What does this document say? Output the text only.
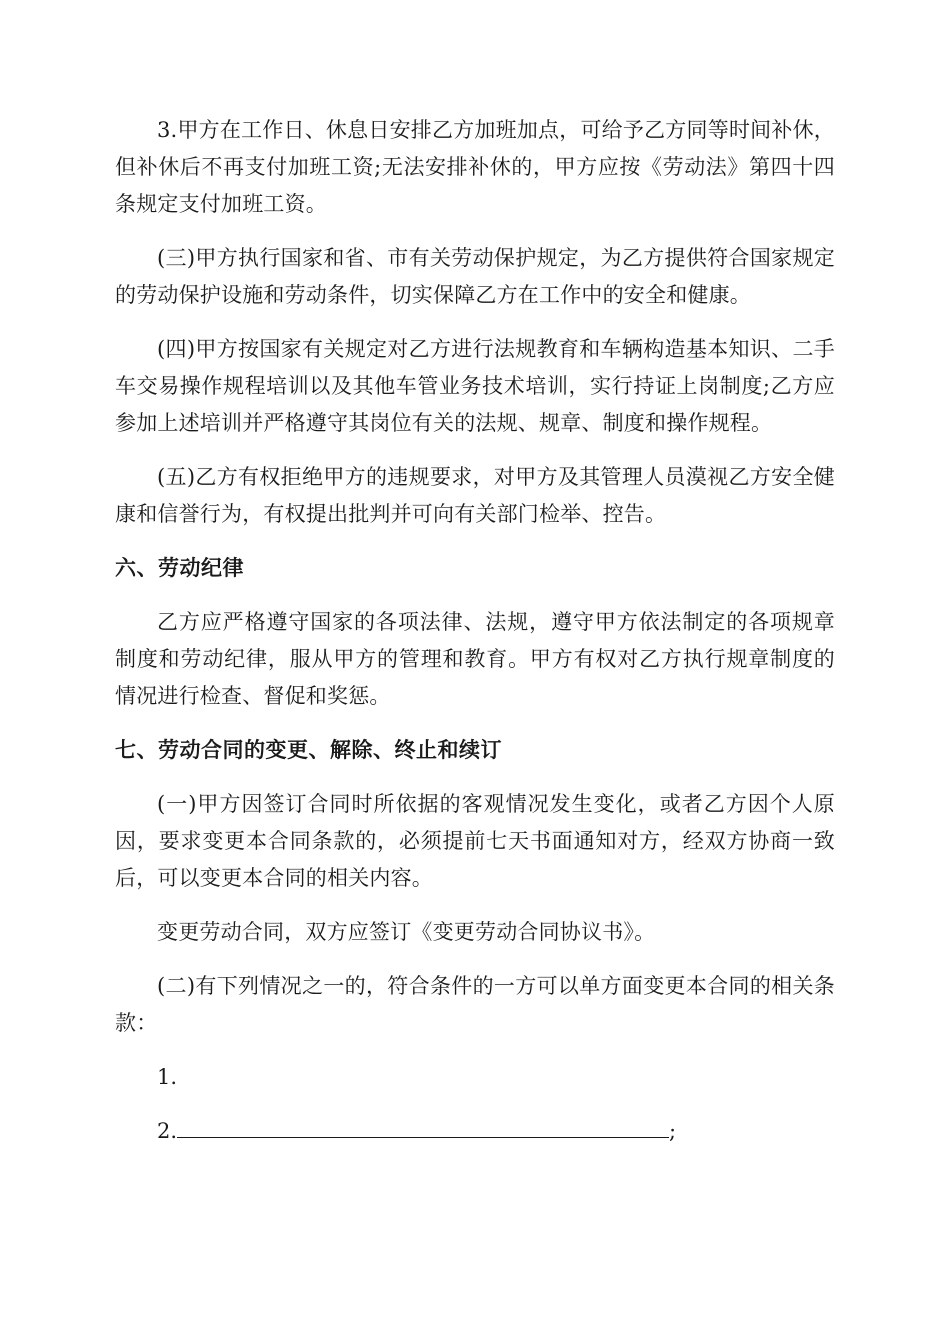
3.甲方在工作日、休息日安排乙方加班加点，可给予乙方同等时间补休，但补休后不再支付加班工资;无法安排补休的，甲方应按《劳动法》第四十四条规定支付加班工资。

(三)甲方执行国家和省、市有关劳动保护规定，为乙方提供符合国家规定的劳动保护设施和劳动条件，切实保障乙方在工作中的安全和健康。

(四)甲方按国家有关规定对乙方进行法规教育和车辆构造基本知识、二手车交易操作规程培训以及其他车管业务技术培训，实行持证上岗制度;乙方应参加上述培训并严格遵守其岗位有关的法规、规章、制度和操作规程。

(五)乙方有权拒绝甲方的违规要求，对甲方及其管理人员漠视乙方安全健康和信誉行为，有权提出批判并可向有关部门检举、控告。

六、劳动纪律

乙方应严格遵守国家的各项法律、法规，遵守甲方依法制定的各项规章制度和劳动纪律，服从甲方的管理和教育。甲方有权对乙方执行规章制度的情况进行检查、督促和奖惩。

七、劳动合同的变更、解除、终止和续订

(一)甲方因签订合同时所依据的客观情况发生变化，或者乙方因个人原因，要求变更本合同条款的，必须提前七天书面通知对方，经双方协商一致后，可以变更本合同的相关内容。

变更劳动合同，双方应签订《变更劳动合同协议书》。

(二)有下列情况之一的，符合条件的一方可以单方面变更本合同的相关条款：

1.

2.	;
